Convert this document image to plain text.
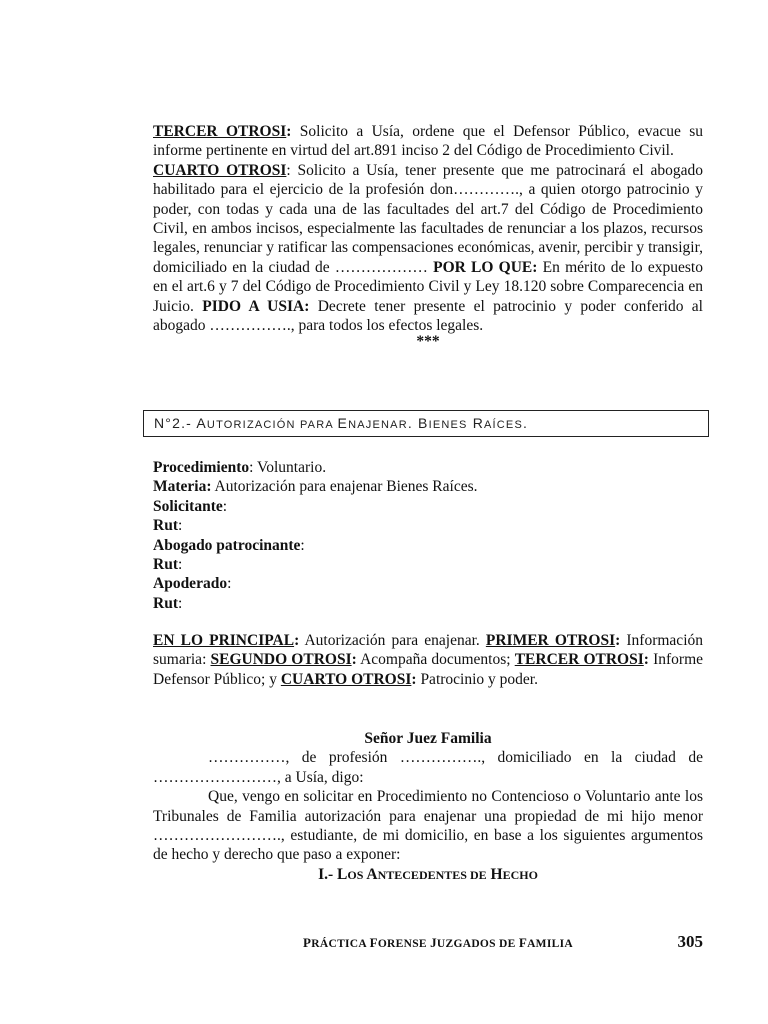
TERCER OTROSI: Solicito a Usía, ordene que el Defensor Público, evacue su informe pertinente en virtud del art.891 inciso 2 del Código de Procedimiento Civil.

CUARTO OTROSI: Solicito a Usía, tener presente que me patrocinará el abogado habilitado para el ejercicio de la profesión don…………., a quien otorgo patrocinio y poder, con todas y cada una de las facultades del art.7 del Código de Procedimiento Civil, en ambos incisos, especialmente las facultades de renunciar a los plazos, recursos legales, renunciar y ratificar las compensaciones económicas, avenir, percibir y transigir, domiciliado en la ciudad de ……………… POR LO QUE: En mérito de lo expuesto en el art.6 y 7 del Código de Procedimiento Civil y Ley 18.120 sobre Comparecencia en Juicio. PIDO A USIA: Decrete tener presente el patrocinio y poder conferido al abogado ……………., para todos los efectos legales.

***

N°2.- AUTORIZACIÓN PARA ENAJENAR. BIENES RAÍCES.

Procedimiento: Voluntario.

Materia: Autorización para enajenar Bienes Raíces.

Solicitante:

Rut:

Abogado patrocinante:

Rut:

Apoderado:

Rut:

EN LO PRINCIPAL: Autorización para enajenar. PRIMER OTROSI: Información sumaria: SEGUNDO OTROSI: Acompaña documentos; TERCER OTROSI: Informe Defensor Público; y CUARTO OTROSI: Patrocinio y poder.

Señor Juez Familia

……………, de profesión ……………., domiciliado en la ciudad de ……………………, a Usía, digo:

Que, vengo en solicitar en Procedimiento no Contencioso o Voluntario ante los Tribunales de Familia autorización para enajenar una propiedad de mi hijo menor ……………………., estudiante, de mi domicilio, en base a los siguientes argumentos de hecho y derecho que paso a exponer:

I.- LOS ANTECEDENTES DE HECHO

PRÁCTICA FORENSE JUZGADOS DE FAMILIA	305
